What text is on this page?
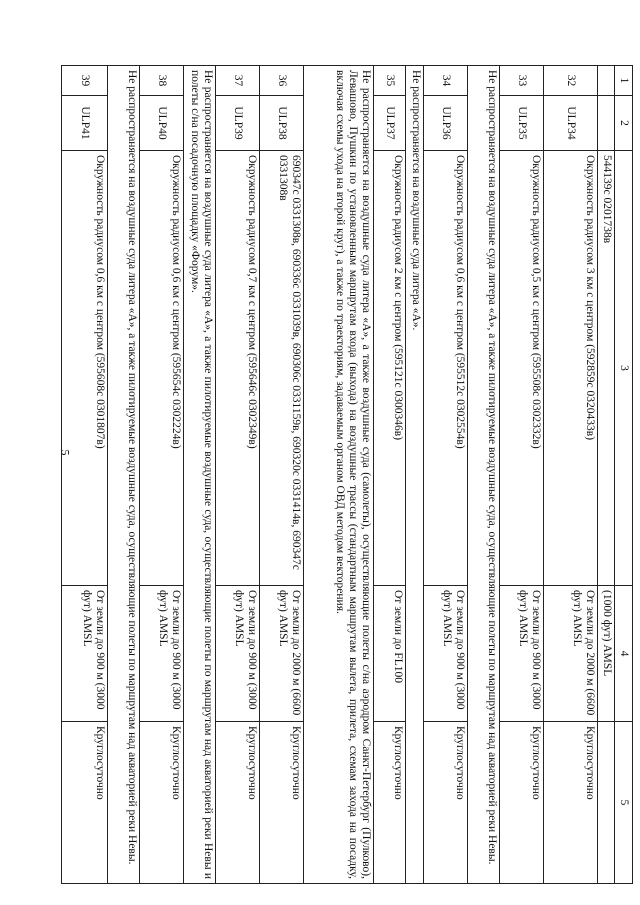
5
1	2	3	4	5
		544139с 0201738в	(1000 фут) AMSL	
32	ULP34	Окружность радиусом 3 км с центром (592859с 0320433в)	От земли до 2000 м (6600 фут) AMSL	Круглосуточно
33	ULP35	Окружность радиусом 0,5 км с центром (595508с 0302332в)	От земли до 900 м (3000 фут) AMSL	Круглосуточно
Не распространяется на воздушные суда литера «А», а также пилотируемые воздушные суда, осуществляющие полеты по маршрутам над акваторией реки Невы.				
34	ULP36	Окружность радиусом 0,6 км с центром (595512с 0302554в)	От земли до 900 м (3000 фут) AMSL	Круглосуточно
Не распространяется на воздушные суда литера «А».				
35	ULP37	Окружность радиусом 2 км с центром (595121с 0300346в)	От земли до FL100	Круглосуточно
Не распространяется на воздушные суда литера «А», а также воздушные суда (самолеты), осуществляющие полеты с/на аэродром Санкт-Петербург (Пулково), Левашово, Пушкин по установленным маршрутам входа (выхода) на воздушные трассы (стандартным маршрутам вылета, прилета, схемам захода на посадку, включая схемы ухода на второй круг), а также по траекториям, задаваемым органом ОВД методом векторения.				
36	ULP38	690347с 0331308в, 690336с 0331039в, 690306с 0331159в, 690320с 0331414в, 690347с 0331308в	От земли до 2000 м (6600 фут) AMSL	Круглосуточно
37	ULP39	Окружность радиусом 0,7 км с центром (595646с 0302349в)	От земли до 900 м (3000 фут) AMSL	Круглосуточно
Не распространяется на воздушные суда литера «А», а также пилотируемые воздушные суда, осуществляющие полеты по маршрутам над акваторией реки Невы и полеты с/на посадочную площадку «Форум».				
38	ULP40	Окружность радиусом 0,6 км с центром (595654с 0302224в)	От земли до 900 м (3000 фут) AMSL	Круглосуточно
Не распространяется на воздушные суда литера «А», а также пилотируемые воздушные суда, осуществляющие полеты по маршрутам над акваторией реки Невы.				
39	ULP41	Окружность радиусом 0,6 км с центром (595608с 0301807в)	От земли до 900 м (3000 фут) AMSL	Круглосуточно
